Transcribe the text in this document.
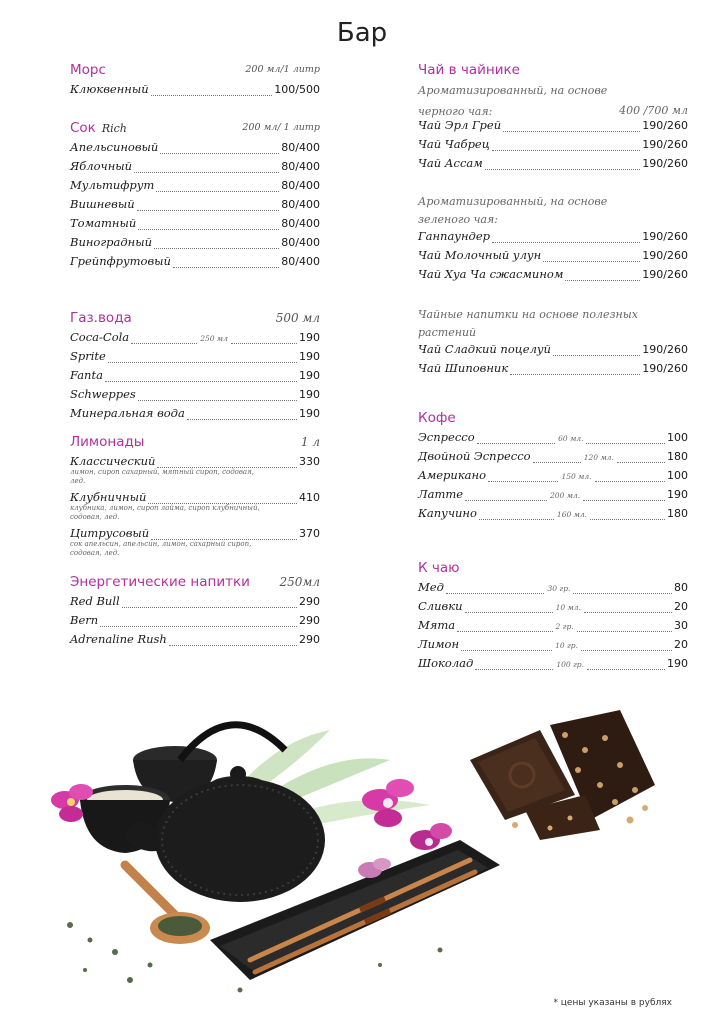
Бар
Морс	200 мл/1 литр
Клюквенный	100/500
Сок Rich	200 мл/ 1 литр
Апельсиновый	80/400
Яблочный	80/400
Мультифрут	80/400
Вишневый	80/400
Томатный	80/400
Виноградный	80/400
Грейпфрутовый	80/400
Газ.вода	500 мл
Coca-Cola	250 мл	190
Sprite	190
Fanta	190
Schweppes	190
Минеральная вода	190
Лимонады	1 л
Классический	330
лимон, сироп сахарный, мятный сироп, содовая, лед.
Клубничный	410
клубника, лимон, сироп лайма, сироп клубничный, содовая, лед.
Цитрусовый	370
сок апельсин, апельсин, лимон, сахарный сироп, содовая, лед.
Энергетические напитки 250мл
Red Bull	290
Bern	290
Adrenaline Rush	290
Чай в чайнике
Ароматизированный, на основе
черного чая:	400 /700 мл
Чай Эрл Грей	190/260
Чай Чабрец	190/260
Чай Ассам	190/260
Ароматизированный, на основе
зеленого чая:
Ганпаундер	190/260
Чай Молочный улун	190/260
Чай Хуа Ча сжасмином	190/260
Чайные напитки на основе полезных
растений
Чай Сладкий поцелуй	190/260
Чай Шиповник	190/260
Кофе
Эспрессо	60 мл.	100
Двойной Эспрессо	120 мл.	180
Американо	150 мл.	100
Латте	200 мл.	190
Капучино	160 мл.	180
К чаю
Мед	30 гр.	80
Сливки	10 мл.	20
Мята	2 гр.	30
Лимон	10 гр.	20
Шоколад	100 гр.	190
* цены указаны в рублях
